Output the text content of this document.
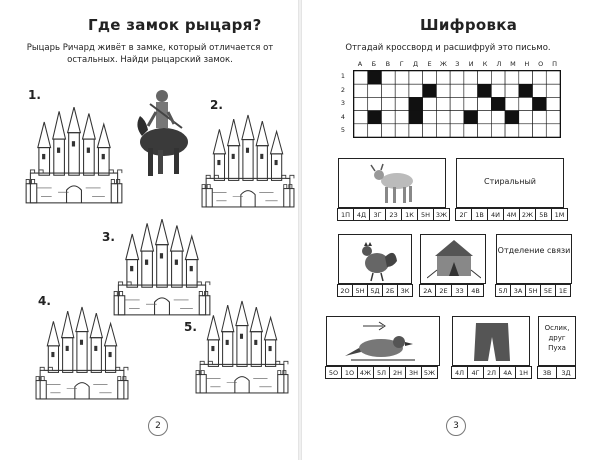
Где замок рыцаря?
Рыцарь Ричард живёт в замке, который отличается от
остальных. Найди рыцарский замок.
1.
2.
3.
4.
5.
2
Шифровка
Отгадай кроссворд и расшифруй это письмо.
А	Б	В	Г	Д	Е	Ж	З	И	К	Л	М	Н	О	П
1
2
3
4
5
1П	4Д	3Г	2З	1К	5Н 3Ж
Стиральный
2Г	1В	4И	4М 2Ж 5В	1М
2О 5Н 5Д 2Б 3К	2А	2Е	3З	4В
Отделение связи
5Л 3А 5Н 5Е	1Е
5О	1О 4Ж 5Л	2Н	3Н 5Ж	4Л	4Г	2Л	4А	1Н
Ослик, друг Пуха
3В	3Д
3
